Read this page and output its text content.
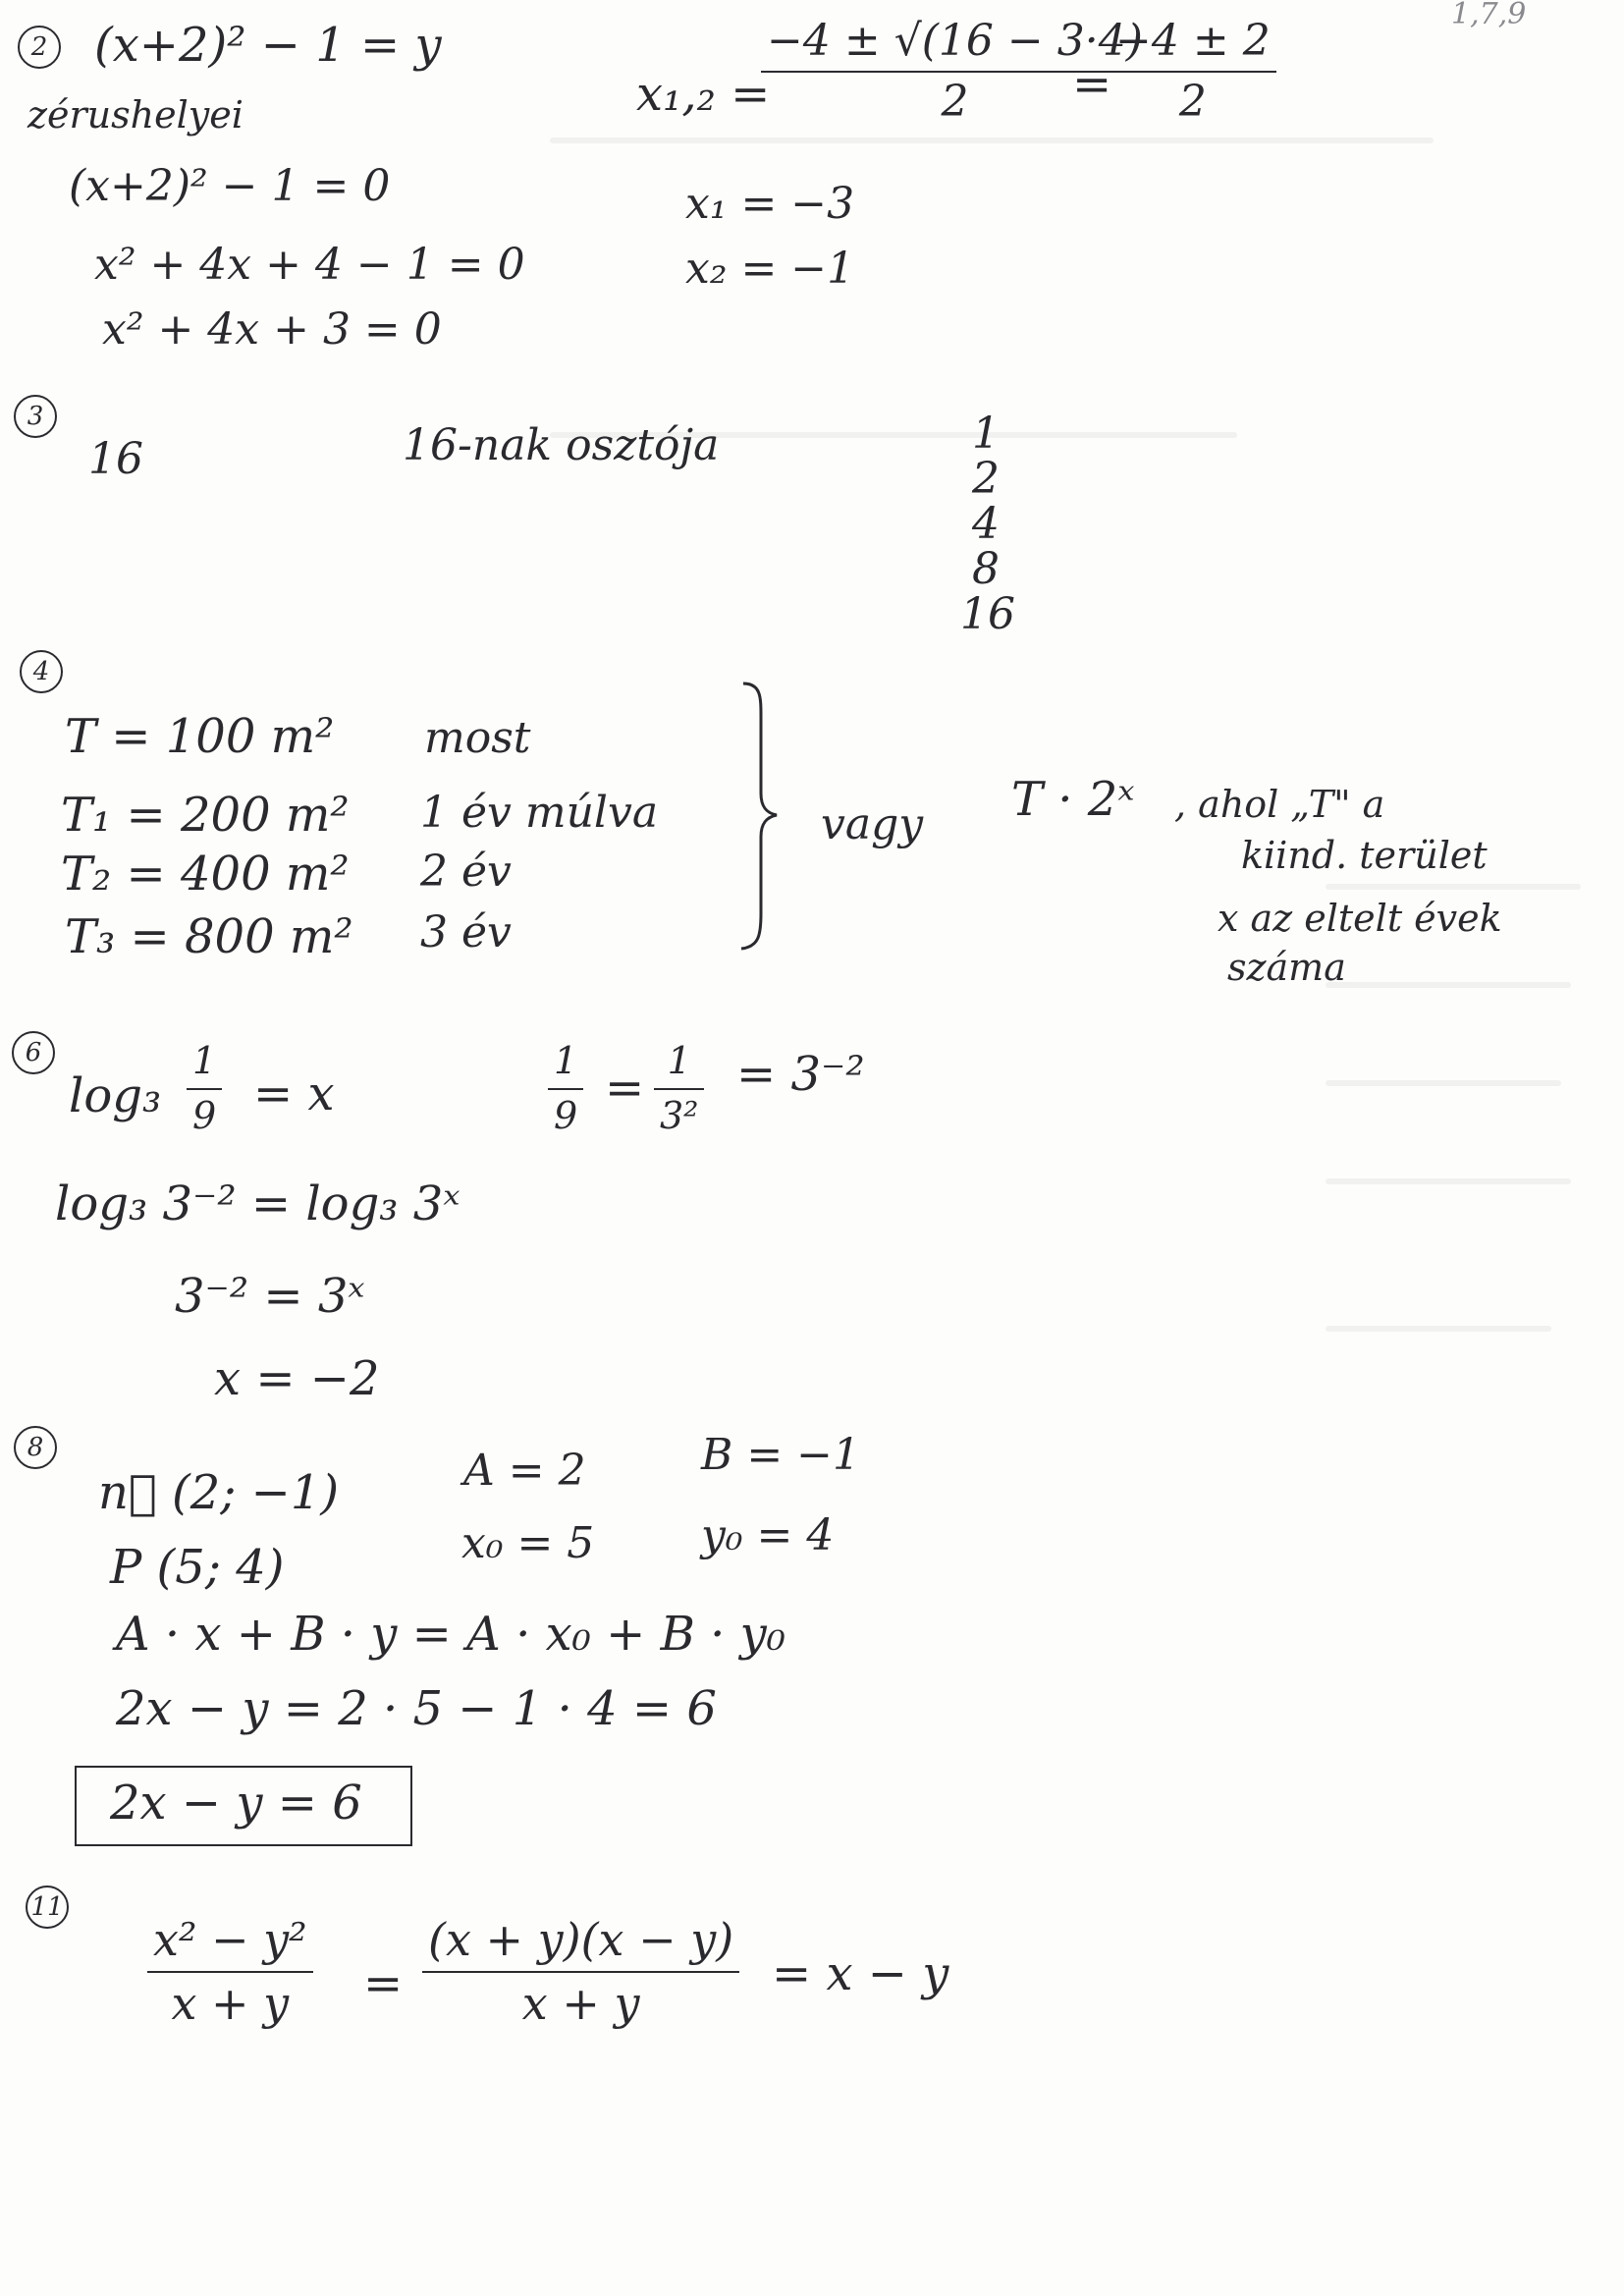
1,7,9
2 (x+2)² − 1 = y
zérushelyei
(x+2)² − 1 = 0
x² + 4x + 4 − 1 = 0
x² + 4x + 3 = 0
x₁,₂ =
−4 ± √(16 − 3·4)
2 =
−4 ± 2
2
x₁ = −3
x₂ = −1
3
16	16-nak osztója	1
2
4
8
16
4
T = 100 m² most
T₁ = 200 m² 1 év múlva
T₂ = 400 m² 2 év
T₃ = 800 m² 3 év
vagy T · 2ˣ , ahol „T" a
kiind. terület
x az eltelt évek
száma
6
log₃
1
9 = x
1
9 = 1
3²
= 3⁻²
log₃ 3⁻² = log₃ 3ˣ
3⁻² = 3ˣ
x = −2
8
n⃗ (2; −1)	A = 2	B = −1
P (5; 4)	x₀ = 5 y₀ = 4
A · x + B · y = A · x₀ + B · y₀
2x − y = 2 · 5 − 1 · 4 = 6
2x − y = 6
11
x² − y²
x + y =
(x + y)(x − y)
x + y
= x − y
